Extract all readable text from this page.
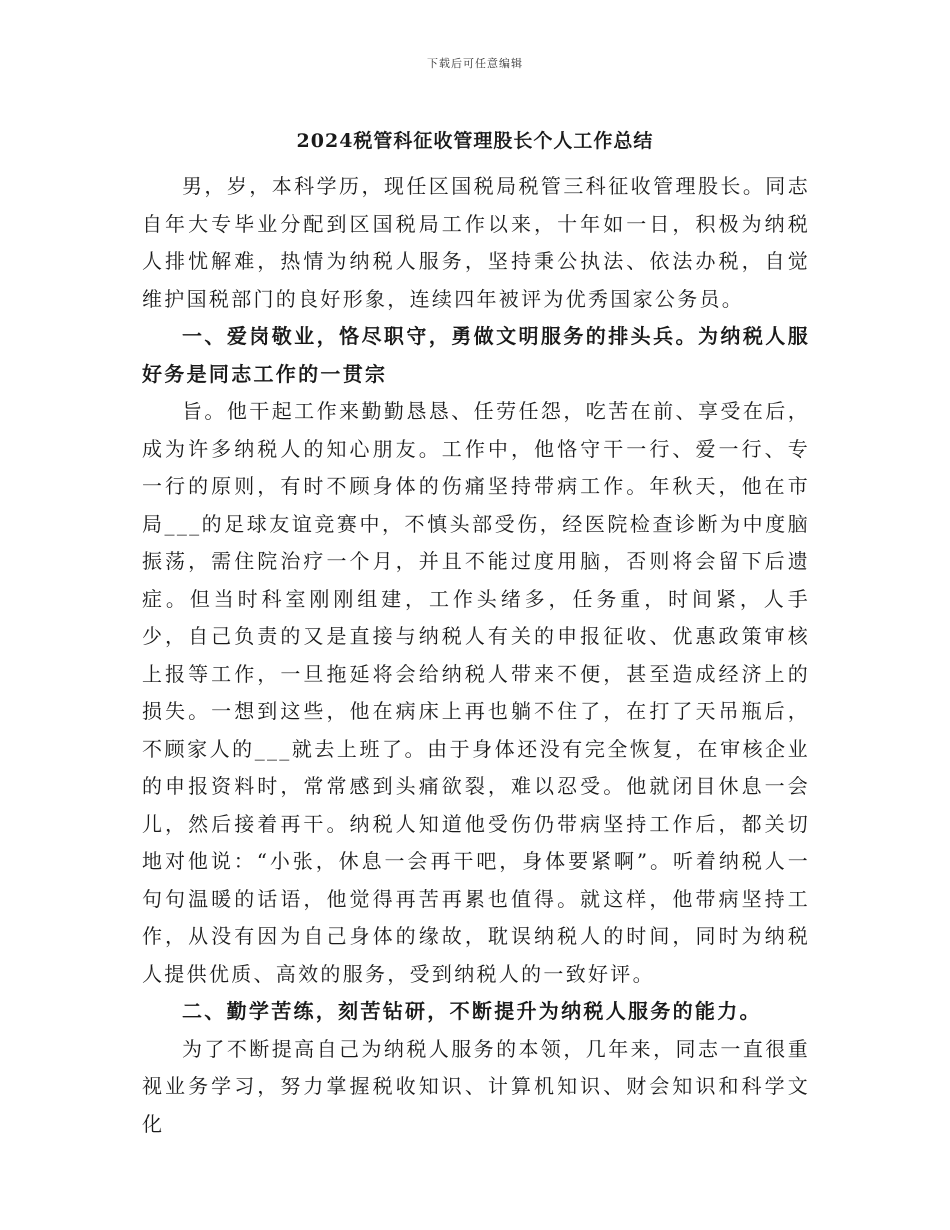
下载后可任意编辑
2024税管科征收管理股长个人工作总结

男，岁，本科学历，现任区国税局税管三科征收管理股长。同志自年大专毕业分配到区国税局工作以来，十年如一日，积极为纳税人排忧解难，热情为纳税人服务，坚持秉公执法、依法办税，自觉维护国税部门的良好形象，连续四年被评为优秀国家公务员。

一、爱岗敬业，恪尽职守，勇做文明服务的排头兵。为纳税人服好务是同志工作的一贯宗

旨。他干起工作来勤勤恳恳、任劳任怨，吃苦在前、享受在后，成为许多纳税人的知心朋友。工作中，他恪守干一行、爱一行、专一行的原则，有时不顾身体的伤痛坚持带病工作。年秋天，他在市局___的足球友谊竞赛中，不慎头部受伤，经医院检查诊断为中度脑振荡，需住院治疗一个月，并且不能过度用脑，否则将会留下后遗症。但当时科室刚刚组建，工作头绪多，任务重，时间紧，人手少，自己负责的又是直接与纳税人有关的申报征收、优惠政策审核上报等工作，一旦拖延将会给纳税人带来不便，甚至造成经济上的损失。一想到这些，他在病床上再也躺不住了，在打了天吊瓶后，不顾家人的___就去上班了。由于身体还没有完全恢复，在审核企业的申报资料时，常常感到头痛欲裂，难以忍受。他就闭目休息一会儿，然后接着再干。纳税人知道他受伤仍带病坚持工作后，都关切地对他说：“小张，休息一会再干吧，身体要紧啊”。听着纳税人一句句温暖的话语，他觉得再苦再累也值得。就这样，他带病坚持工作，从没有因为自己身体的缘故，耽误纳税人的时间，同时为纳税人提供优质、高效的服务，受到纳税人的一致好评。

二、勤学苦练，刻苦钻研，不断提升为纳税人服务的能力。

为了不断提高自己为纳税人服务的本领，几年来，同志一直很重视业务学习，努力掌握税收知识、计算机知识、财会知识和科学文化
